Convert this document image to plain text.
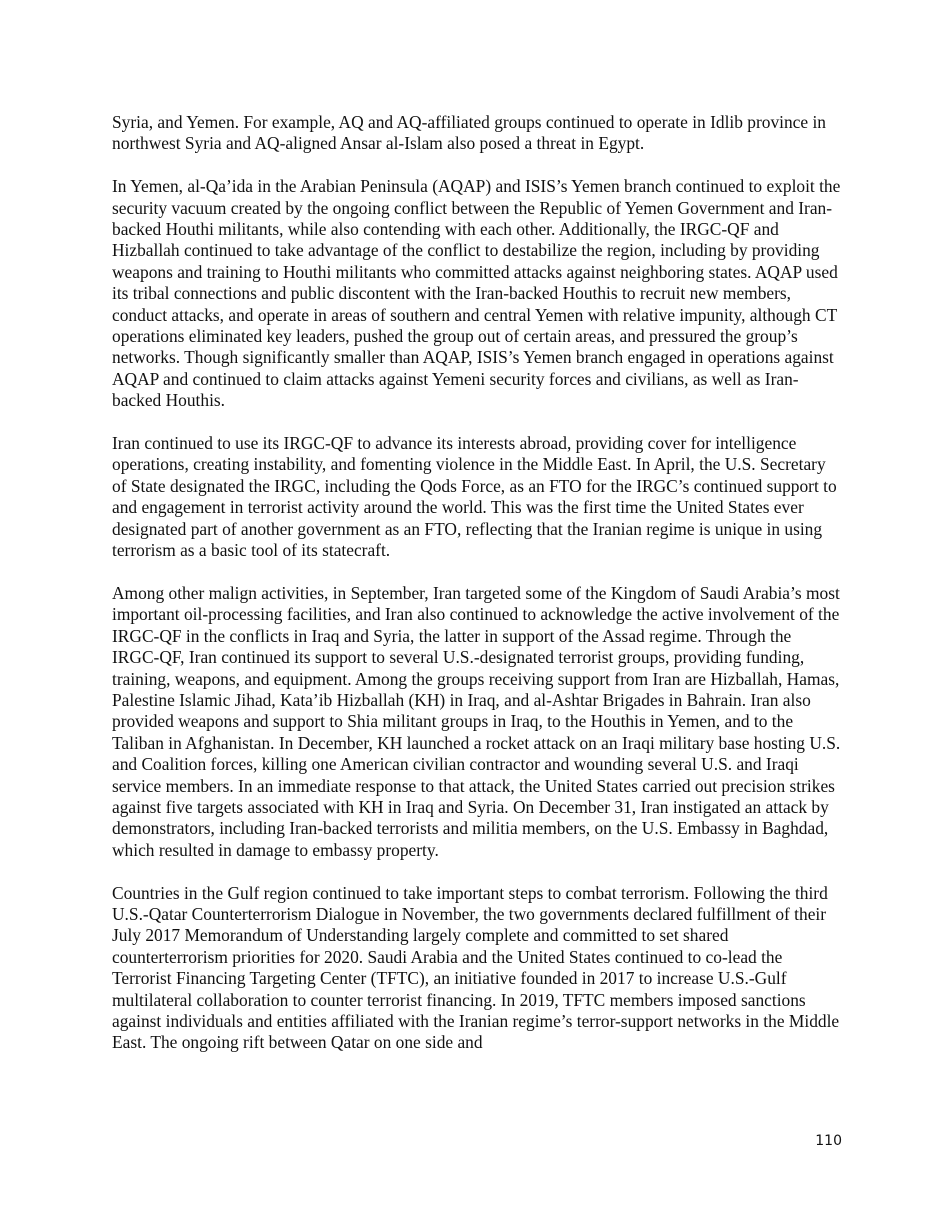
Syria, and Yemen. For example, AQ and AQ-affiliated groups continued to operate in Idlib province in northwest Syria and AQ-aligned Ansar al-Islam also posed a threat in Egypt.

In Yemen, al-Qa’ida in the Arabian Peninsula (AQAP) and ISIS’s Yemen branch continued to exploit the security vacuum created by the ongoing conflict between the Republic of Yemen Government and Iran-backed Houthi militants, while also contending with each other. Additionally, the IRGC-QF and Hizballah continued to take advantage of the conflict to destabilize the region, including by providing weapons and training to Houthi militants who committed attacks against neighboring states. AQAP used its tribal connections and public discontent with the Iran-backed Houthis to recruit new members, conduct attacks, and operate in areas of southern and central Yemen with relative impunity, although CT operations eliminated key leaders, pushed the group out of certain areas, and pressured the group’s networks. Though significantly smaller than AQAP, ISIS’s Yemen branch engaged in operations against AQAP and continued to claim attacks against Yemeni security forces and civilians, as well as Iran-backed Houthis.

Iran continued to use its IRGC-QF to advance its interests abroad, providing cover for intelligence operations, creating instability, and fomenting violence in the Middle East. In April, the U.S. Secretary of State designated the IRGC, including the Qods Force, as an FTO for the IRGC’s continued support to and engagement in terrorist activity around the world. This was the first time the United States ever designated part of another government as an FTO, reflecting that the Iranian regime is unique in using terrorism as a basic tool of its statecraft.

Among other malign activities, in September, Iran targeted some of the Kingdom of Saudi Arabia’s most important oil-processing facilities, and Iran also continued to acknowledge the active involvement of the IRGC-QF in the conflicts in Iraq and Syria, the latter in support of the Assad regime. Through the IRGC-QF, Iran continued its support to several U.S.-designated terrorist groups, providing funding, training, weapons, and equipment. Among the groups receiving support from Iran are Hizballah, Hamas, Palestine Islamic Jihad, Kata’ib Hizballah (KH) in Iraq, and al-Ashtar Brigades in Bahrain. Iran also provided weapons and support to Shia militant groups in Iraq, to the Houthis in Yemen, and to the Taliban in Afghanistan. In December, KH launched a rocket attack on an Iraqi military base hosting U.S. and Coalition forces, killing one American civilian contractor and wounding several U.S. and Iraqi service members. In an immediate response to that attack, the United States carried out precision strikes against five targets associated with KH in Iraq and Syria. On December 31, Iran instigated an attack by demonstrators, including Iran-backed terrorists and militia members, on the U.S. Embassy in Baghdad, which resulted in damage to embassy property.

Countries in the Gulf region continued to take important steps to combat terrorism. Following the third U.S.-Qatar Counterterrorism Dialogue in November, the two governments declared fulfillment of their July 2017 Memorandum of Understanding largely complete and committed to set shared counterterrorism priorities for 2020. Saudi Arabia and the United States continued to co-lead the Terrorist Financing Targeting Center (TFTC), an initiative founded in 2017 to increase U.S.-Gulf multilateral collaboration to counter terrorist financing. In 2019, TFTC members imposed sanctions against individuals and entities affiliated with the Iranian regime’s terror-support networks in the Middle East. The ongoing rift between Qatar on one side and

110
